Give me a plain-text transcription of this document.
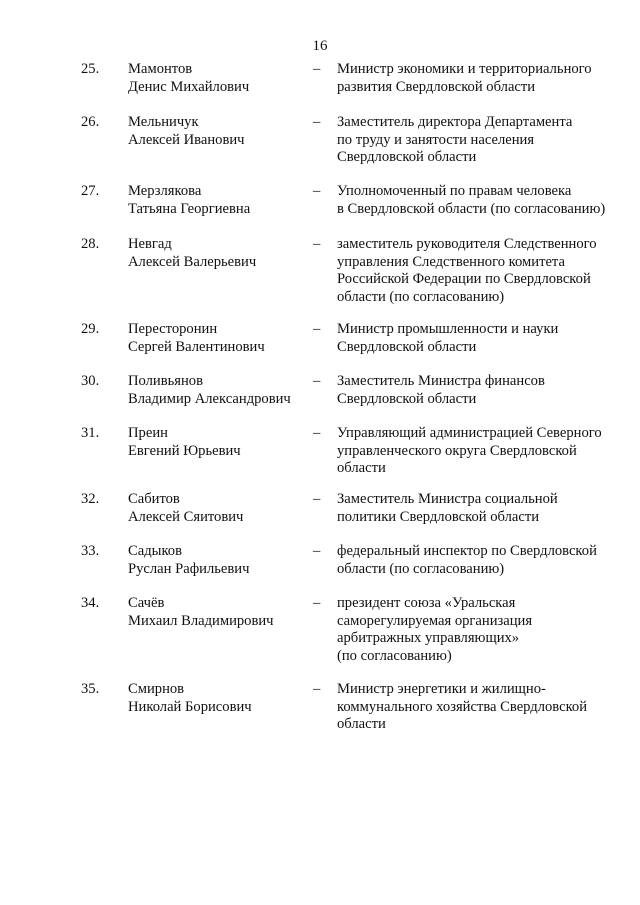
16
25. Мамонтов
Денис Михайлович
– Министр экономики и территориального
развития Свердловской области
26. Мельничук
Алексей Иванович
– Заместитель директора Департамента
по труду и занятости населения
Свердловской области
27. Мерзлякова
Татьяна Георгиевна
– Уполномоченный по правам человека
в Свердловской области (по согласованию)
28. Невгад
Алексей Валерьевич
– заместитель руководителя Следственного
управления Следственного комитета
Российской Федерации по Свердловской
области (по согласованию)
29. Пересторонин
Сергей Валентинович
– Министр промышленности и науки
Свердловской области
30. Поливьянов
Владимир Александрович
– Заместитель Министра финансов
Свердловской области
31. Преин
Евгений Юрьевич
– Управляющий администрацией Северного
управленческого округа Свердловской
области
32. Сабитов
Алексей Сяитович
– Заместитель Министра социальной
политики Свердловской области
33. Садыков
Руслан Рафильевич
– федеральный инспектор по Свердловской
области (по согласованию)
34. Сачёв
Михаил Владимирович
– президент союза «Уральская
саморегулируемая организация
арбитражных управляющих»
(по согласованию)
35. Смирнов
Николай Борисович
– Министр энергетики и жилищно-
коммунального хозяйства Свердловской
области
